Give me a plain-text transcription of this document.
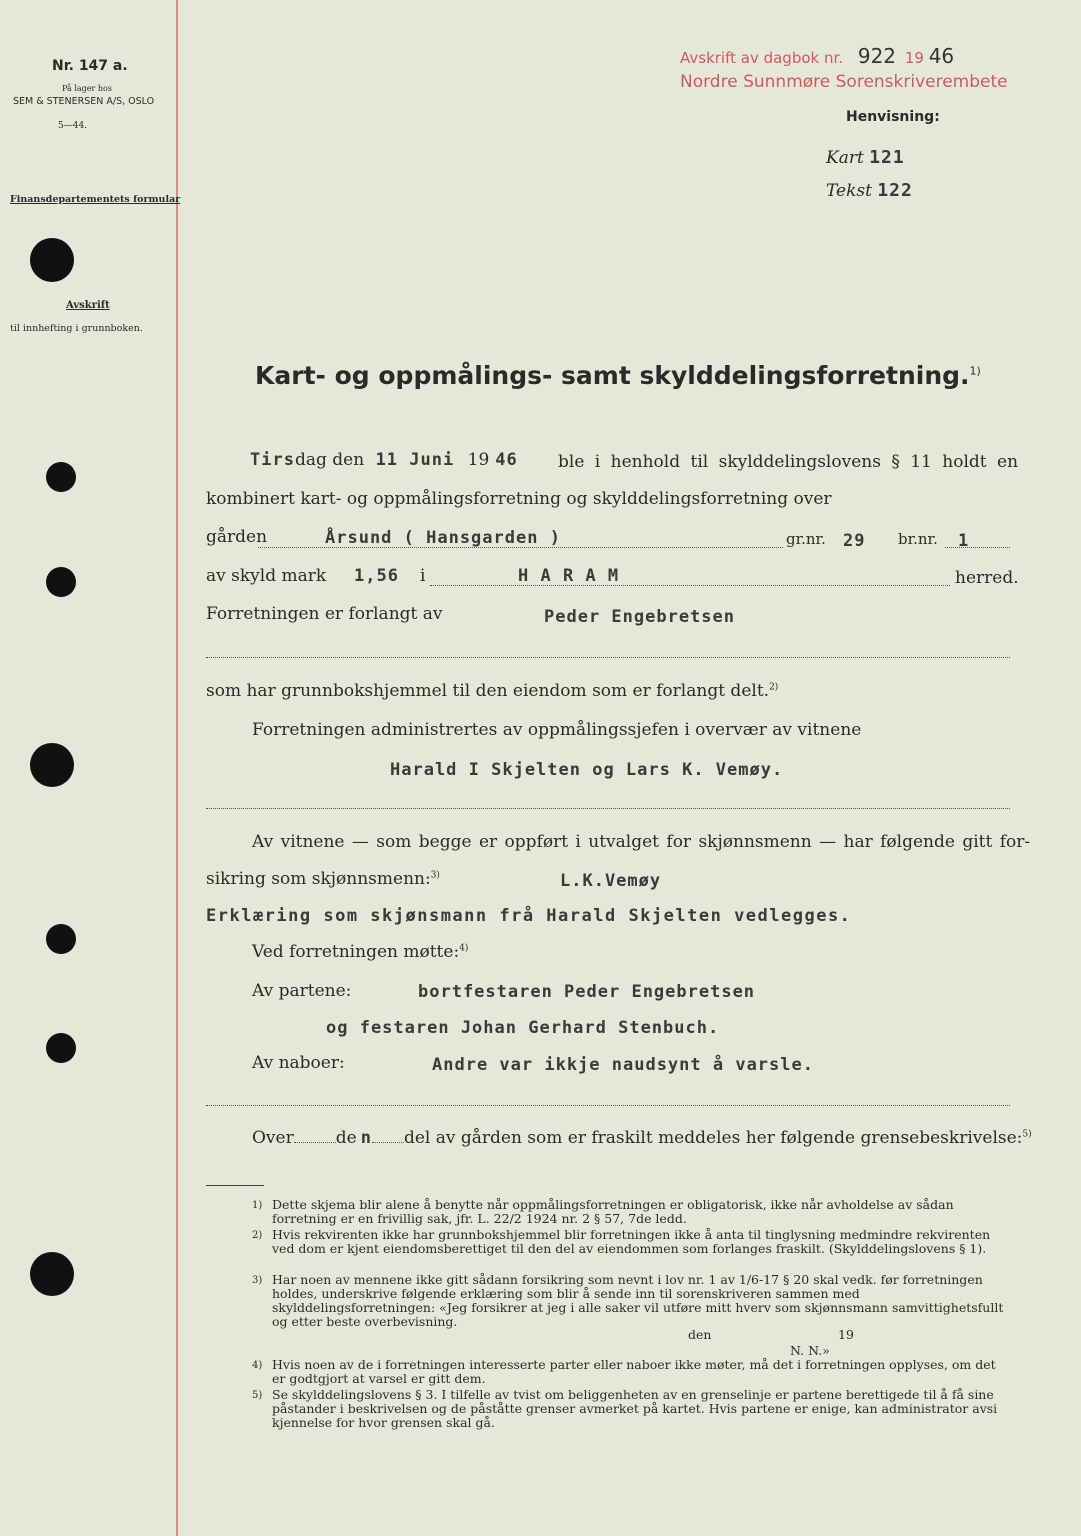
Nr. 147 a.
På lager hos
SEM & STENERSEN A/S, OSLO
5—44.
Finansdepartementets formular
Avskrift
til innhefting i grunnboken.
Avskrift av dagbok nr. 922 19 46
Nordre Sunnmøre Sorenskriverembete
Henvisning:
Kart 121
Tekst 122
Kart- og oppmålings- samt skylddelingsforretning.$^{1)}$
Tirsdag den 11 Juni 19 46 ble i henhold til skylddelingslovens § 11 holdt en
kombinert kart- og oppmålingsforretning og skylddelingsforretning over
gården	Årsund ( Hansgarden )	gr.nr. 29 br.nr. 1
av skyld mark 1,56 i	H A R A M	herred.
Forretningen er forlangt av	Peder Engebretsen
som har grunnbokshjemmel til den eiendom som er forlangt delt.$^{2)}$
Forretningen administrertes av oppmålingssjefen i overvær av vitnene
Harald I Skjelten og Lars K. Vemøy.
Av vitnene — som begge er oppført i utvalget for skjønnsmenn — har følgende gitt for-
sikring som skjønnsmenn:$^{3)}$	L.K.Vemøy
Erklæring som skjønsmann frå Harald Skjelten vedlegges.
Ved forretningen møtte:$^{4)}$
Av partene:	bortfestaren Peder Engebretsen
og festaren Johan Gerhard Stenbuch.
Av naboer:	Andre var ikkje naudsynt å varsle.
Over de n del av gården som er fraskilt meddeles her følgende grensebeskrivelse:$^{5)}$
1) Dette skjema blir alene å benytte når oppmålingsforretningen er obligatorisk, ikke når avholdelse av sådan forretning er en frivillig sak, jfr. L. 22/2 1924 nr. 2 § 57, 7de ledd.
2) Hvis rekvirenten ikke har grunnbokshjemmel blir forretningen ikke å anta til tinglysning medmindre rekvirenten ved dom er kjent eiendomsberettiget til den del av eiendommen som forlanges fraskilt. (Skylddelingslovens § 1).
3) Har noen av mennene ikke gitt sådann forsikring som nevnt i lov nr. 1 av 1/6-17 § 20 skal vedk. før forretningen holdes, underskrive følgende erklæring som blir å sende inn til sorenskriveren sammen med skylddelingsforretningen: «Jeg forsikrer at jeg i alle saker vil utføre mitt hverv som skjønnsmann samvittighetsfullt og etter beste overbevisning.
den	19
N. N.»
4) Hvis noen av de i forretningen interesserte parter eller naboer ikke møter, må det i forretningen opplyses, om det er godtgjort at varsel er gitt dem.
5) Se skylddelingslovens § 3. I tilfelle av tvist om beliggenheten av en grenselinje er partene berettigede til å få sine påstander i beskrivelsen og de påståtte grenser avmerket på kartet. Hvis partene er enige, kan administrator avsi kjennelse for hvor grensen skal gå.
